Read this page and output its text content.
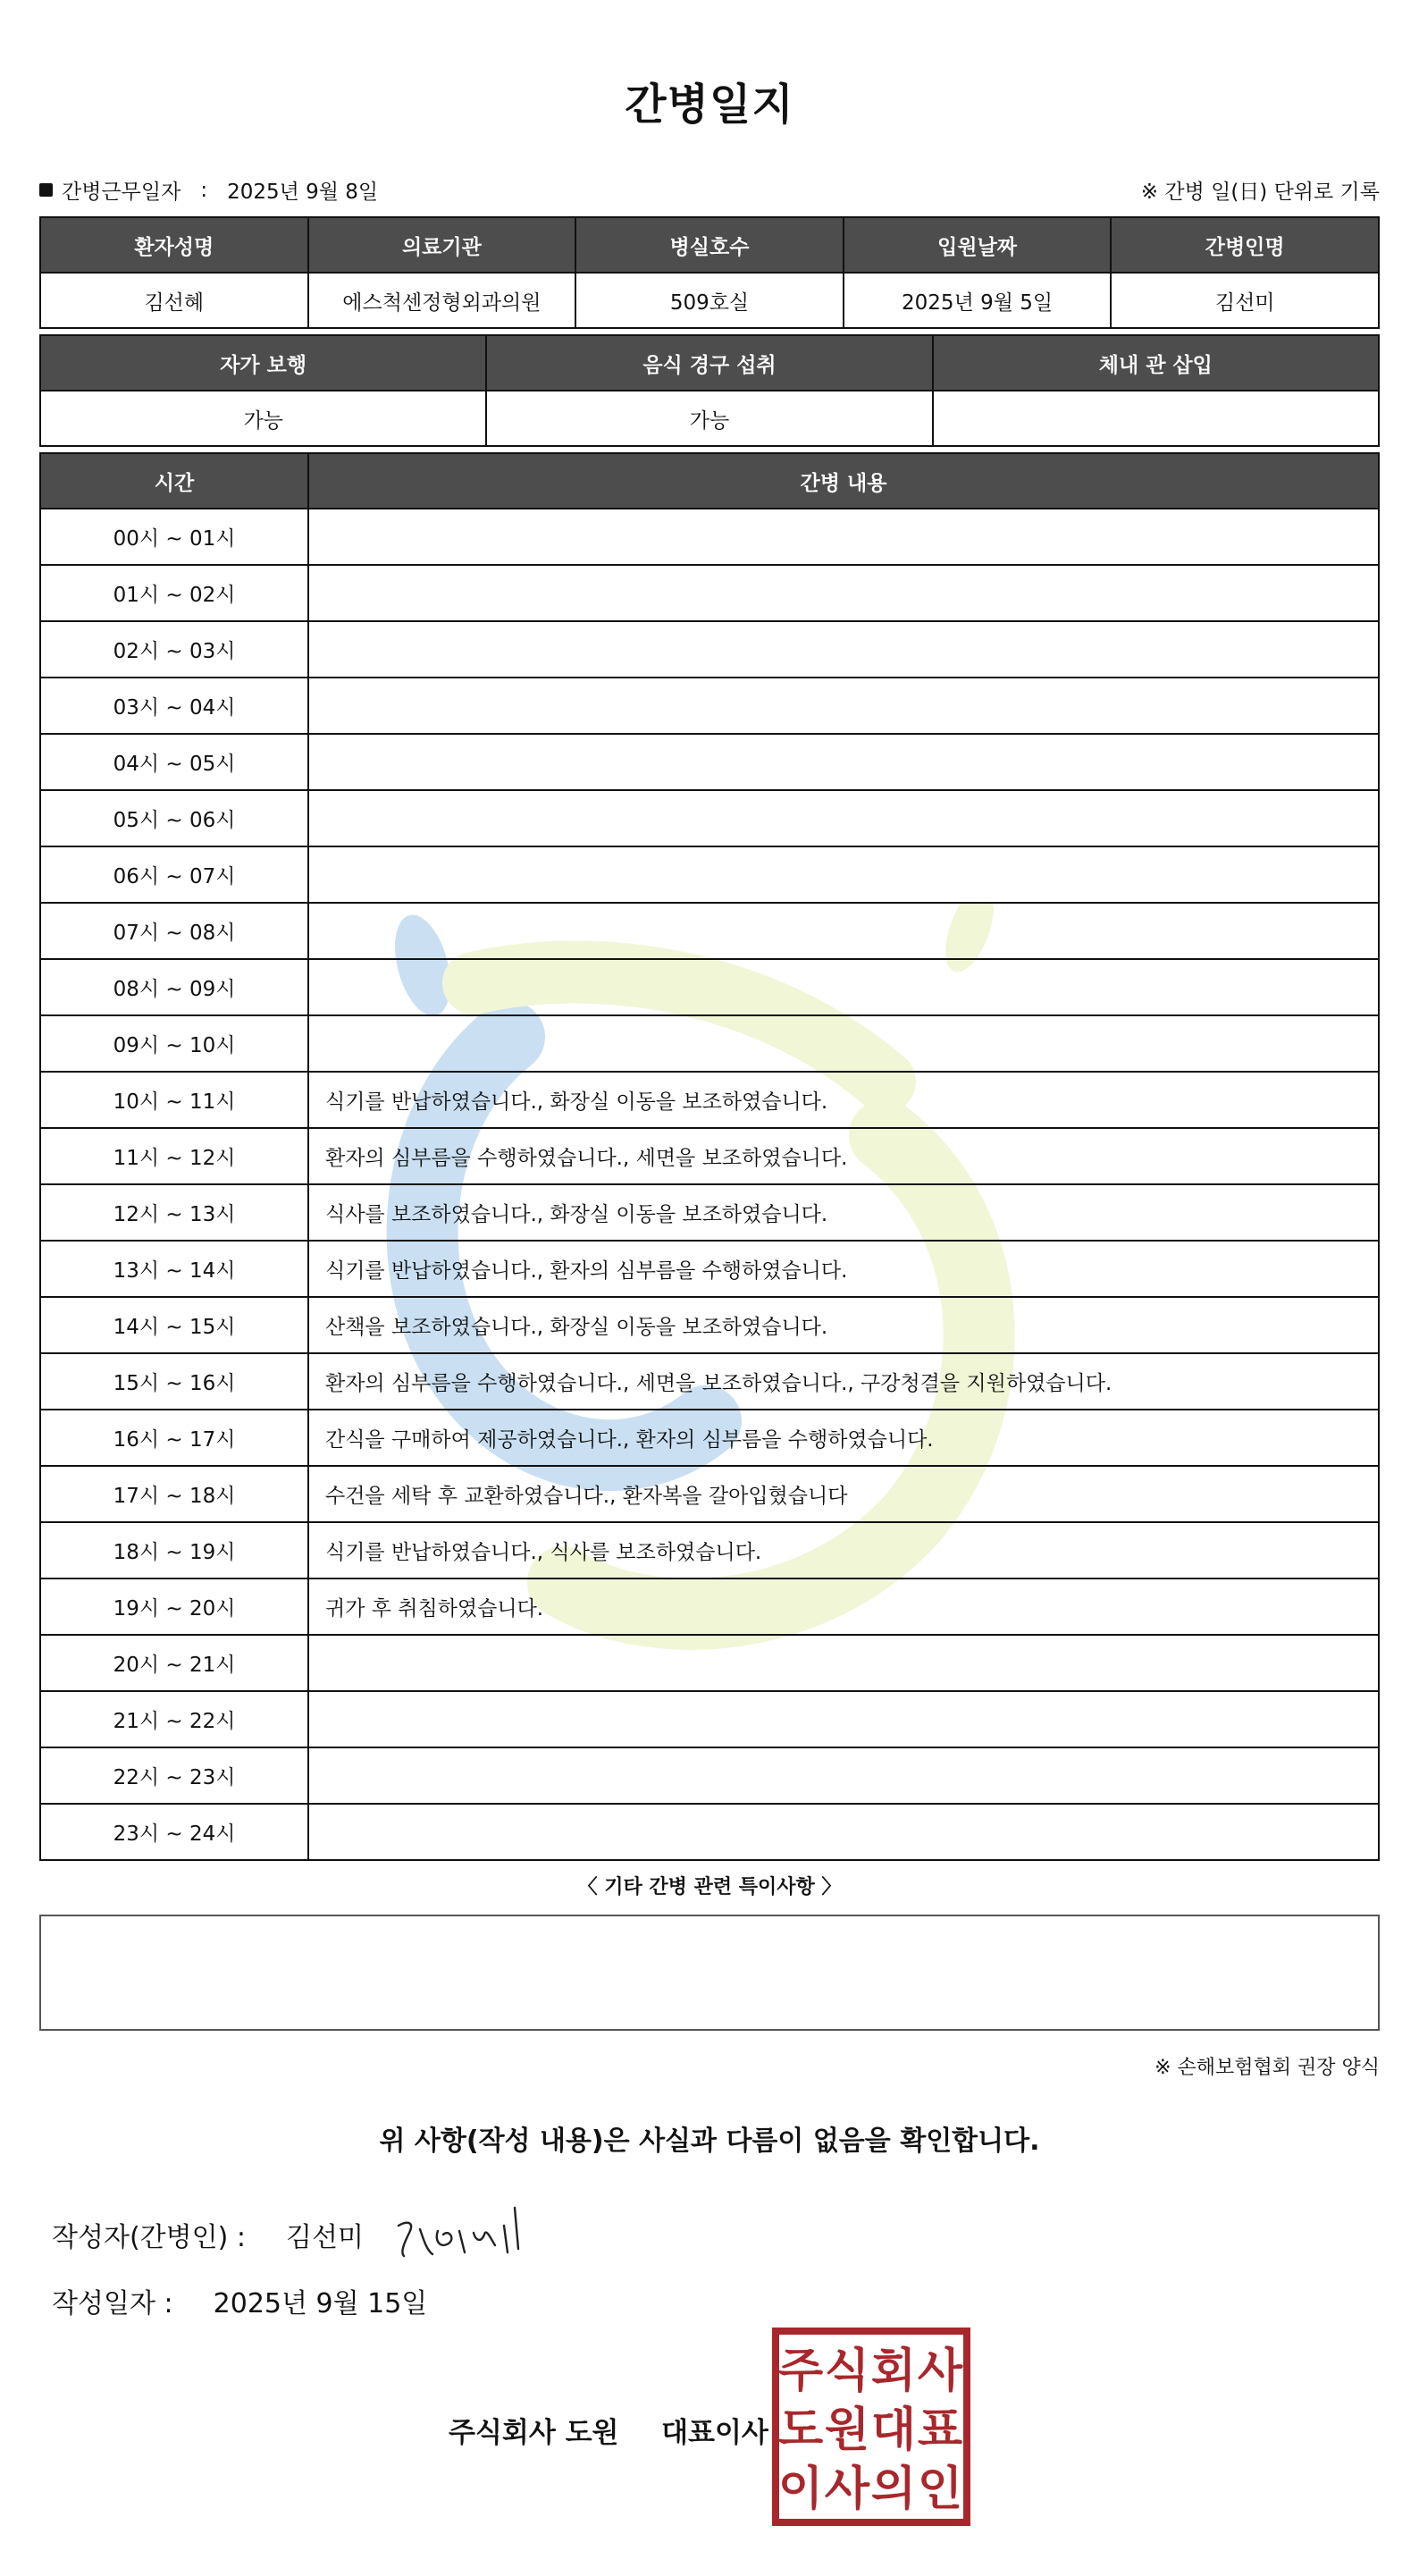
간병일지
간병근무일자 : 2025년 9월 8일	※ 간병 일(日) 단위로 기록
환자성명	의료기관	병실호수	입원날짜	간병인명
김선혜	에스척센정형외과의원	509호실	2025년 9월 5일	김선미
자가 보행	음식 경구 섭취	체내 관 삽입
가능	가능	
시간	간병 내용
00시 ~ 01시	
01시 ~ 02시	
02시 ~ 03시	
03시 ~ 04시	
04시 ~ 05시	
05시 ~ 06시	
06시 ~ 07시	
07시 ~ 08시	
08시 ~ 09시	
09시 ~ 10시	
10시 ~ 11시	식기를 반납하였습니다., 화장실 이동을 보조하였습니다.
11시 ~ 12시	환자의 심부름을 수행하였습니다., 세면을 보조하였습니다.
12시 ~ 13시	식사를 보조하였습니다., 화장실 이동을 보조하였습니다.
13시 ~ 14시	식기를 반납하였습니다., 환자의 심부름을 수행하였습니다.
14시 ~ 15시	산책을 보조하였습니다., 화장실 이동을 보조하였습니다.
15시 ~ 16시	환자의 심부름을 수행하였습니다., 세면을 보조하였습니다., 구강청결을 지원하였습니다.
16시 ~ 17시	간식을 구매하여 제공하였습니다., 환자의 심부름을 수행하였습니다.
17시 ~ 18시	수건을 세탁 후 교환하였습니다., 환자복을 갈아입혔습니다
18시 ~ 19시	식기를 반납하였습니다., 식사를 보조하였습니다.
19시 ~ 20시	귀가 후 취침하였습니다.
20시 ~ 21시	
21시 ~ 22시	
22시 ~ 23시	
23시 ~ 24시	
〈 기타 간병 관련 특이사항 〉
※ 손해보험협회 권장 양식
위 사항(작성 내용)은 사실과 다름이 없음을 확인합니다.
작성자(간병인) : 김선미
작성일자 : 2025년 9월 15일
주식회사 도원 대표이사
주 식 회 사
도 원 대 표
이 사 의 인
